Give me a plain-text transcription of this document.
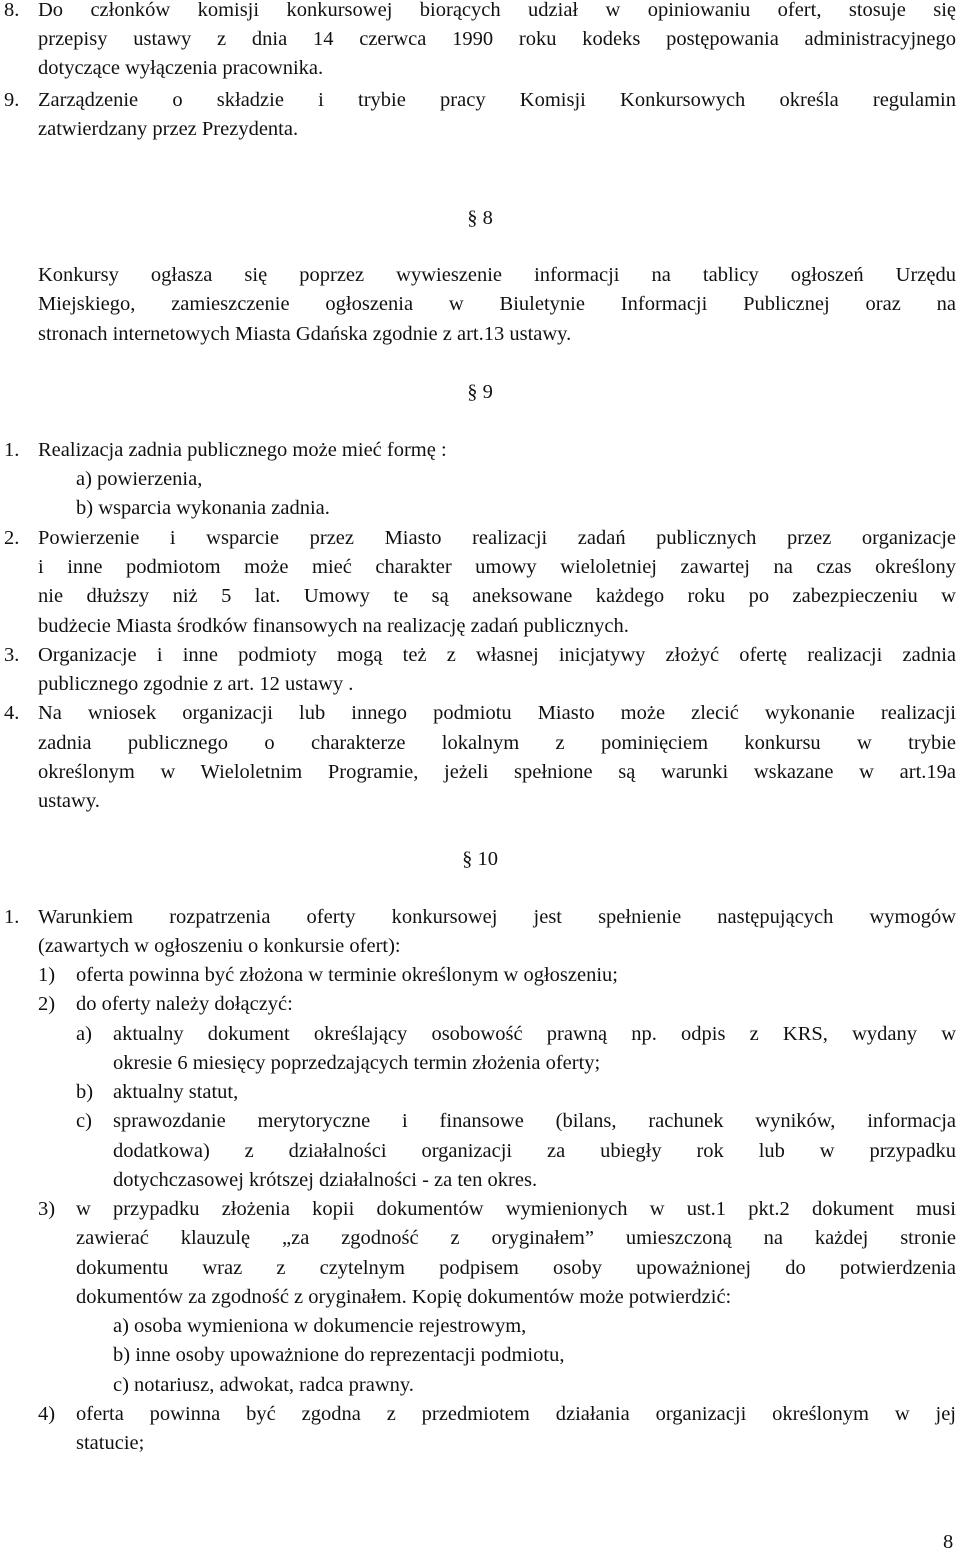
8. Do członków komisji konkursowej biorących udział w opiniowaniu ofert, stosuje się
przepisy ustawy z dnia 14 czerwca 1990 roku kodeks postępowania administracyjnego
dotyczące wyłączenia pracownika.
9. Zarządzenie o składzie i trybie pracy Komisji Konkursowych określa regulamin
zatwierdzany przez Prezydenta.
§ 8
Konkursy ogłasza się poprzez wywieszenie informacji na tablicy ogłoszeń Urzędu
Miejskiego, zamieszczenie ogłoszenia w Biuletynie Informacji Publicznej oraz na
stronach internetowych Miasta Gdańska zgodnie z art.13 ustawy.
§ 9
1. Realizacja zadnia publicznego może mieć formę :
a) powierzenia,
b) wsparcia wykonania zadnia.
2. Powierzenie i wsparcie przez Miasto realizacji zadań publicznych przez organizacje
i inne podmiotom może mieć charakter umowy wieloletniej zawartej na czas określony
nie dłuższy niż 5 lat. Umowy te są aneksowane każdego roku po zabezpieczeniu w
budżecie Miasta środków finansowych na realizację zadań publicznych.
3. Organizacje i inne podmioty mogą też z własnej inicjatywy złożyć ofertę realizacji zadnia
publicznego zgodnie z art. 12 ustawy .
4. Na wniosek organizacji lub innego podmiotu Miasto może zlecić wykonanie realizacji
zadnia publicznego o charakterze lokalnym z pominięciem konkursu w trybie
określonym w Wieloletnim Programie, jeżeli spełnione są warunki wskazane w art.19a
ustawy.
§ 10
1. Warunkiem rozpatrzenia oferty konkursowej jest spełnienie następujących wymogów
(zawartych w ogłoszeniu o konkursie ofert):
1) oferta powinna być złożona w terminie określonym w ogłoszeniu;
2) do oferty należy dołączyć:
a) aktualny dokument określający osobowość prawną np. odpis z KRS, wydany w
okresie 6 miesięcy poprzedzających termin złożenia oferty;
b) aktualny statut,
c) sprawozdanie merytoryczne i finansowe (bilans, rachunek wyników, informacja
dodatkowa) z działalności organizacji za ubiegły rok lub w przypadku
dotychczasowej krótszej działalności - za ten okres.
3) w przypadku złożenia kopii dokumentów wymienionych w ust.1 pkt.2 dokument musi
zawierać klauzulę „za zgodność z oryginałem” umieszczoną na każdej stronie
dokumentu wraz z czytelnym podpisem osoby upoważnionej do potwierdzenia
dokumentów za zgodność z oryginałem. Kopię dokumentów może potwierdzić:
a) osoba wymieniona w dokumencie rejestrowym,
b) inne osoby upoważnione do reprezentacji podmiotu,
c) notariusz, adwokat, radca prawny.
4) oferta powinna być zgodna z przedmiotem działania organizacji określonym w jej
statucie;
8
